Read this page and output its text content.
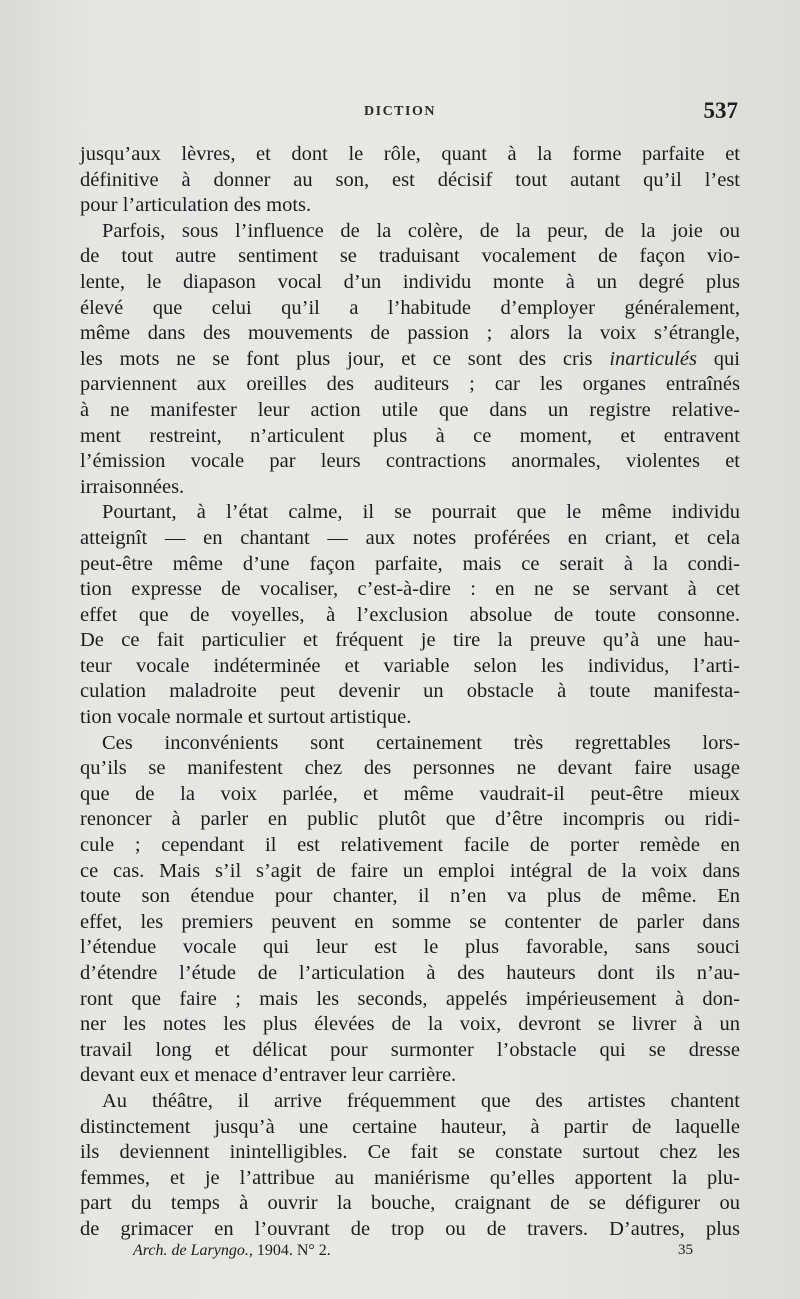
DICTION	537
jusqu’aux lèvres, et dont le rôle, quant à la forme parfaite et
définitive à donner au son, est décisif tout autant qu’il l’est
pour l’articulation des mots.
Parfois, sous l’influence de la colère, de la peur, de la joie ou
de tout autre sentiment se traduisant vocalement de façon vio-
lente, le diapason vocal d’un individu monte à un degré plus
élevé que celui qu’il a l’habitude d’employer généralement,
même dans des mouvements de passion ; alors la voix s’étrangle,
les mots ne se font plus jour, et ce sont des cris inarticulés qui
parviennent aux oreilles des auditeurs ; car les organes entraînés
à ne manifester leur action utile que dans un registre relative-
ment restreint, n’articulent plus à ce moment, et entravent
l’émission vocale par leurs contractions anormales, violentes et
irraisonnées.
Pourtant, à l’état calme, il se pourrait que le même individu
atteignît — en chantant — aux notes proférées en criant, et cela
peut-être même d’une façon parfaite, mais ce serait à la condi-
tion expresse de vocaliser, c’est-à-dire : en ne se servant à cet
effet que de voyelles, à l’exclusion absolue de toute consonne.
De ce fait particulier et fréquent je tire la preuve qu’à une hau-
teur vocale indéterminée et variable selon les individus, l’arti-
culation maladroite peut devenir un obstacle à toute manifesta-
tion vocale normale et surtout artistique.
Ces inconvénients sont certainement très regrettables lors-
qu’ils se manifestent chez des personnes ne devant faire usage
que de la voix parlée, et même vaudrait-il peut-être mieux
renoncer à parler en public plutôt que d’être incompris ou ridi-
cule ; cependant il est relativement facile de porter remède en
ce cas. Mais s’il s’agit de faire un emploi intégral de la voix dans
toute son étendue pour chanter, il n’en va plus de même. En
effet, les premiers peuvent en somme se contenter de parler dans
l’étendue vocale qui leur est le plus favorable, sans souci
d’étendre l’étude de l’articulation à des hauteurs dont ils n’au-
ront que faire ; mais les seconds, appelés impérieusement à don-
ner les notes les plus élevées de la voix, devront se livrer à un
travail long et délicat pour surmonter l’obstacle qui se dresse
devant eux et menace d’entraver leur carrière.
Au théâtre, il arrive fréquemment que des artistes chantent
distinctement jusqu’à une certaine hauteur, à partir de laquelle
ils deviennent inintelligibles. Ce fait se constate surtout chez les
femmes, et je l’attribue au maniérisme qu’elles apportent la plu-
part du temps à ouvrir la bouche, craignant de se défigurer ou
de grimacer en l’ouvrant de trop ou de travers. D’autres, plus
Arch. de Laryngo., 1904. N° 2.	35
